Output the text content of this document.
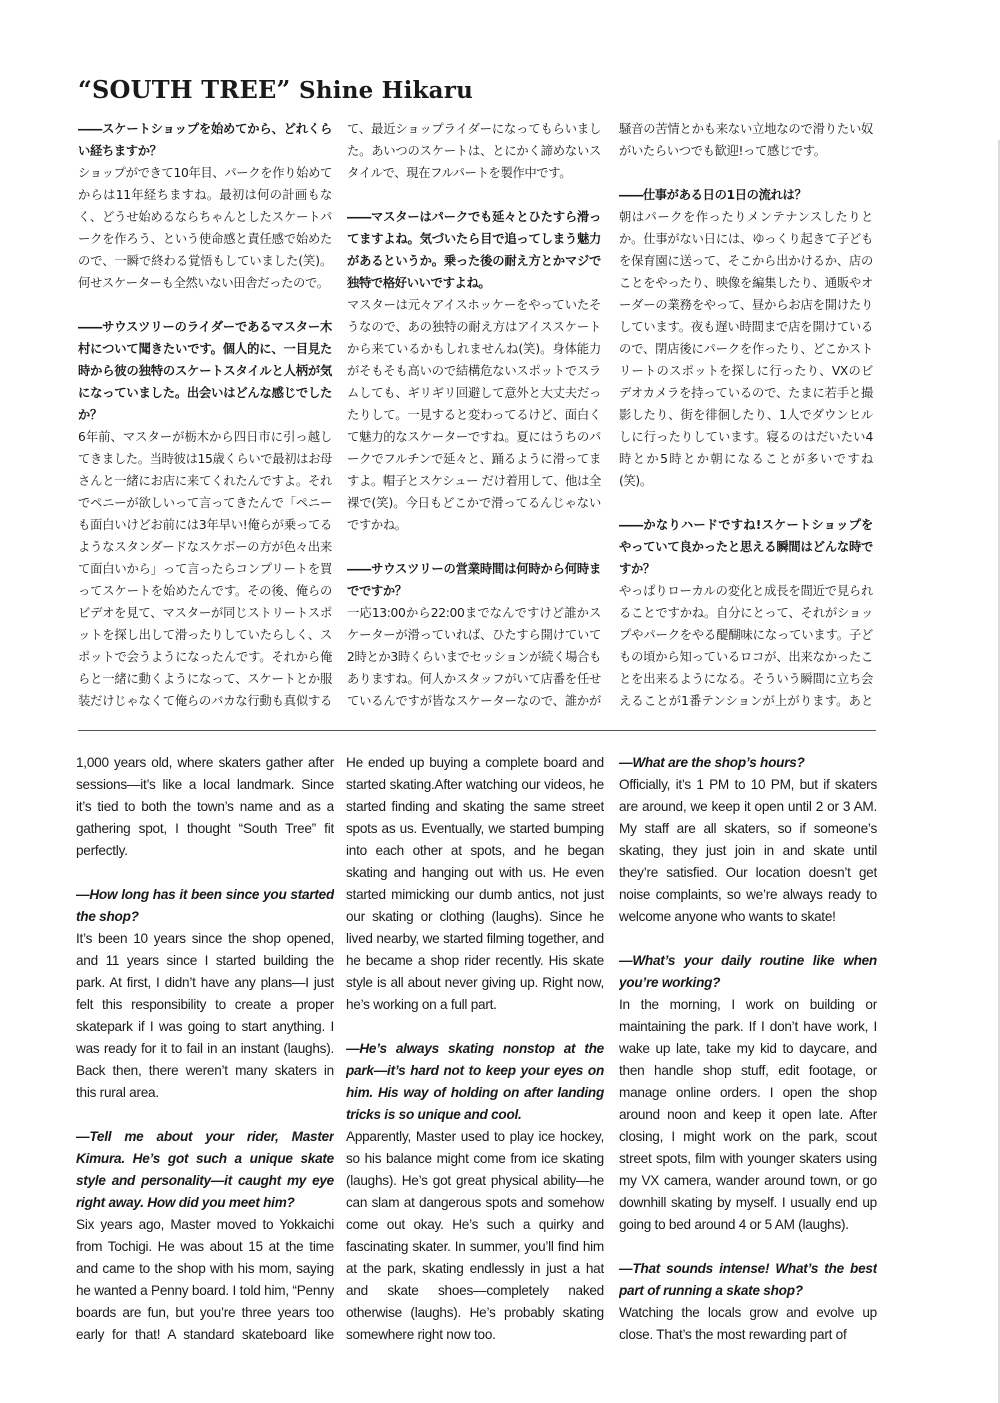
“SOUTH TREE” Shine Hikaru

――スケートショップを始めてから、どれくらい経ちますか？

ショップができて10年目、パークを作り始めてからは11年経ちますね。最初は何の計画もなく、どうせ始めるならちゃんとしたスケートパークを作ろう、という使命感と責任感で始めたので、一瞬で終わる覚悟もしていました(笑)。何せスケーターも全然いない田舎だったので。

――サウスツリーのライダーであるマスター木村について聞きたいです。個人的に、一目見た時から彼の独特のスケートスタイルと人柄が気になっていました。出会いはどんな感じでしたか？

6年前、マスターが栃木から四日市に引っ越してきました。当時彼は15歳くらいで最初はお母さんと一緒にお店に来てくれたんですよ。それでペニーが欲しいって言ってきたんで「ペニーも面白いけどお前には3年早い!俺らが乗ってるようなスタンダードなスケボーの方が色々出来て面白いから」って言ったらコンプリートを買ってスケートを始めたんです。その後、俺らのビデオを見て、マスターが同じストリートスポットを探し出して滑ったりしていたらしく、スポットで会うようになったんです。それから俺らと一緒に動くようになって、スケートとか服装だけじゃなくて俺らのバカな行動も真似する

て、最近ショップライダーになってもらいました。あいつのスケートは、とにかく諦めないスタイルで、現在フルパートを製作中です。

――マスターはパークでも延々とひたすら滑ってますよね。気づいたら目で追ってしまう魅力があるというか。乗った後の耐え方とかマジで独特で格好いいですよね。

マスターは元々アイスホッケーをやっていたそうなので、あの独特の耐え方はアイススケートから来ているかもしれませんね(笑)。身体能力がそもそも高いので結構危ないスポットでスラムしても、ギリギリ回避して意外と大丈夫だったりして。一見すると変わってるけど、面白くて魅力的なスケーターですね。夏にはうちのパークでフルチンで延々と、踊るように滑ってますよ。帽子とスケシュー だけ着用して、他は全裸で(笑)。今日もどこかで滑ってるんじゃないですかね。

――サウスツリーの営業時間は何時から何時までですか？

一応13:00から22:00までなんですけど誰かスケーターが滑っていれば、ひたすら開けていて2時とか3時くらいまでセッションが続く場合もありますね。何人かスタッフがいて店番を任せているんですが皆なスケーターなので、誰かが

騒音の苦情とかも来ない立地なので滑りたい奴がいたらいつでも歓迎!って感じです。

――仕事がある日の1日の流れは？

朝はパークを作ったりメンテナンスしたりとか。仕事がない日には、ゆっくり起きて子どもを保育園に送って、そこから出かけるか、店のことをやったり、映像を編集したり、通販やオーダーの業務をやって、昼からお店を開けたりしています。夜も遅い時間まで店を開けているので、閉店後にパークを作ったり、どこかストリートのスポットを探しに行ったり、VXのビデオカメラを持っているので、たまに若手と撮影したり、街を徘徊したり、1人でダウンヒルしに行ったりしています。寝るのはだいたい4時とか5時とか朝になることが多いですね(笑)。

――かなりハードですね!スケートショップをやっていて良かったと思える瞬間はどんな時ですか？

やっぱりローカルの変化と成長を間近で見られることですかね。自分にとって、それがショップやパークをやる醍醐味になっています。子どもの頃から知っているロコが、出来なかったことを出来るようになる。そういう瞬間に立ち会えることが1番テンションが上がります。あと

1,000 years old, where skaters gather after sessions—it’s like a local landmark. Since it’s tied to both the town’s name and as a gathering spot, I thought “South Tree” fit perfectly.

—How long has it been since you started the shop?

It’s been 10 years since the shop opened, and 11 years since I started building the park. At first, I didn’t have any plans—I just felt this responsibility to create a proper skatepark if I was going to start anything. I was ready for it to fail in an instant (laughs). Back then, there weren’t many skaters in this rural area.

—Tell me about your rider, Master Kimura. He’s got such a unique skate style and personality—it caught my eye right away. How did you meet him?

Six years ago, Master moved to Yokkaichi from Tochigi. He was about 15 at the time and came to the shop with his mom, saying he wanted a Penny board. I told him, “Penny boards are fun, but you’re three years too early for that! A standard skateboard like

He ended up buying a complete board and started skating.After watching our videos, he started finding and skating the same street spots as us. Eventually, we started bumping into each other at spots, and he began skating and hanging out with us. He even started mimicking our dumb antics, not just our skating or clothing (laughs). Since he lived nearby, we started filming together, and he became a shop rider recently. His skate style is all about never giving up. Right now, he’s working on a full part.

—He’s always skating nonstop at the park—it’s hard not to keep your eyes on him. His way of holding on after landing tricks is so unique and cool.

Apparently, Master used to play ice hockey, so his balance might come from ice skating (laughs). He’s got great physical ability—he can slam at dangerous spots and somehow come out okay. He’s such a quirky and fascinating skater. In summer, you’ll find him at the park, skating endlessly in just a hat and skate shoes—completely naked otherwise (laughs). He’s probably skating somewhere right now too.

—What are the shop’s hours?

Officially, it’s 1 PM to 10 PM, but if skaters are around, we keep it open until 2 or 3 AM. My staff are all skaters, so if someone’s skating, they just join in and skate until they’re satisfied. Our location doesn’t get noise complaints, so we’re always ready to welcome anyone who wants to skate!

—What’s your daily routine like when you’re working?

In the morning, I work on building or maintaining the park. If I don’t have work, I wake up late, take my kid to daycare, and then handle shop stuff, edit footage, or manage online orders. I open the shop around noon and keep it open late. After closing, I might work on the park, scout street spots, film with younger skaters using my VX camera, wander around town, or go downhill skating by myself. I usually end up going to bed around 4 or 5 AM (laughs).

—That sounds intense! What’s the best part of running a skate shop?

Watching the locals grow and evolve up close. That’s the most rewarding part of
